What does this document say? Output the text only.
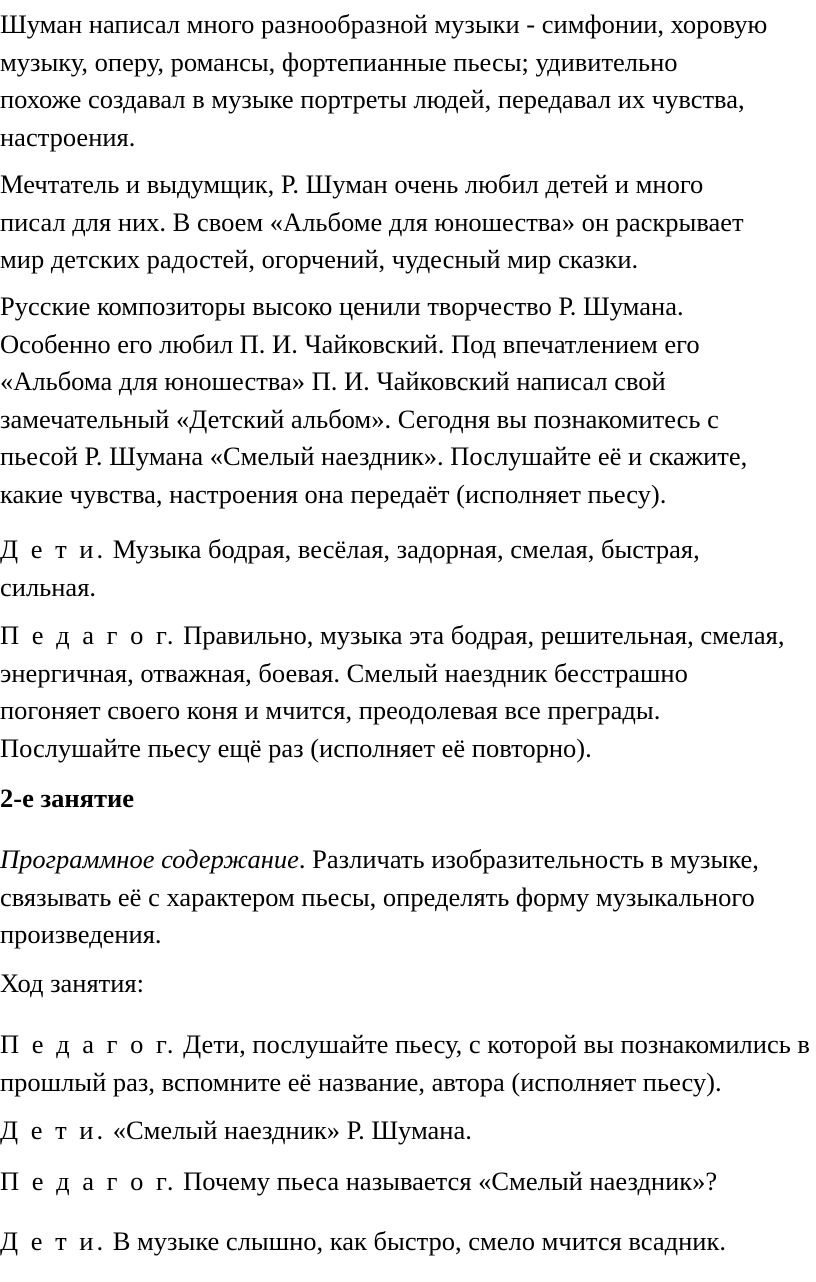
Шуман написал много разнообразной музыки - симфонии, хоровую
музыку, оперу, романсы, фортепианные пьесы; удивительно
похоже создавал в музыке портреты людей, передавал их чувства,
настроения.

Мечтатель и выдумщик, Р. Шуман очень любил детей и много
писал для них. В своем «Альбоме для юношества» он раскрывает
мир детских радостей, огорчений, чудесный мир сказки.

Русские композиторы высоко ценили творчество Р. Шумана.
Особенно его любил П. И. Чайковский. Под впечатлением его
«Альбома для юношества» П. И. Чайковский написал свой
замечательный «Детский альбом». Сегодня вы познакомитесь с
пьесой Р. Шумана «Смелый наездник». Послушайте её и скажите,
какие чувства, настроения она передаёт (исполняет пьесу).

Д е т и. Музыка бодрая, весёлая, задорная, смелая, быстрая,
сильная.

П е д а г о г. Правильно, музыка эта бодрая, решительная, смелая,
энергичная, отважная, боевая. Смелый наездник бесстрашно
погоняет своего коня и мчится, преодолевая все преграды.
Послушайте пьесу ещё раз (исполняет её повторно).

2-е занятие

Программное содержание. Различать изобразительность в музыке,
связывать её с характером пьесы, определять форму музыкального
произведения.

Ход занятия:

П е д а г о г. Дети, послушайте пьесу, с которой вы познакомились в
прошлый раз, вспомните её название, автора (исполняет пьесу).

Д е т и. «Смелый наездник» Р. Шумана.

П е д а г о г. Почему пьеса называется «Смелый наездник»?

Д е т и. В музыке слышно, как быстро, смело мчится всадник.
